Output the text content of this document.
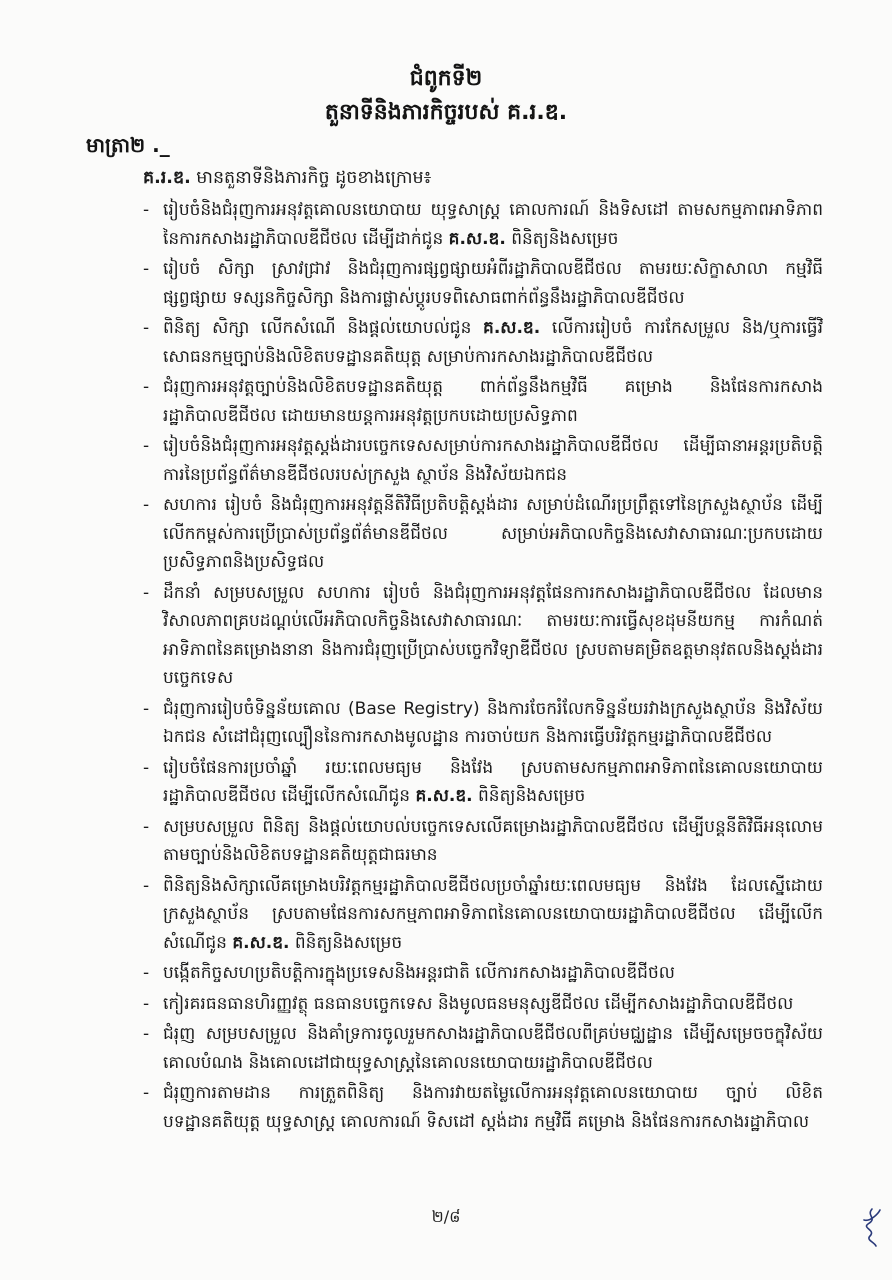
ជំពូកទី២
តួនាទីនិងភារកិច្ចរបស់ គ.រ.ឌ.
មាត្រា២ ._
គ.រ.ឌ. មានតួនាទីនិងភារកិច្ច ដូចខាងក្រោម៖
- រៀបចំនិងជំរុញការអនុវត្តគោលនយោបាយ យុទ្ធសាស្ត្រ គោលការណ៍ និងទិសដៅ តាមសកម្មភាពអាទិភាព នៃការកសាងរដ្ឋាភិបាលឌីជីថល ដើម្បីដាក់ជូន គ.ស.ឌ. ពិនិត្យនិងសម្រេច
- រៀបចំ សិក្សា ស្រាវជ្រាវ និងជំរុញការផ្សព្វផ្សាយអំពីរដ្ឋាភិបាលឌីជីថល តាមរយៈសិក្ខាសាលា កម្មវិធីផ្សព្វផ្សាយ ទស្សនកិច្ចសិក្សា និងការផ្លាស់ប្តូរបទពិសោធពាក់ព័ន្ធនឹងរដ្ឋាភិបាលឌីជីថល
- ពិនិត្យ សិក្សា លើកសំណើ និងផ្តល់យោបល់ជូន គ.ស.ឌ. លើការរៀបចំ ការកែសម្រួល និង/ឬការធ្វើវិសោធនកម្មច្បាប់និងលិខិតបទដ្ឋានគតិយុត្ត សម្រាប់ការកសាងរដ្ឋាភិបាលឌីជីថល
- ជំរុញការអនុវត្តច្បាប់និងលិខិតបទដ្ឋានគតិយុត្ត ពាក់ព័ន្ធនឹងកម្មវិធី គម្រោង និងផែនការកសាងរដ្ឋាភិបាលឌីជីថល ដោយមានយន្តការអនុវត្តប្រកបដោយប្រសិទ្ធភាព
- រៀបចំនិងជំរុញការអនុវត្តស្តង់ដារបច្ចេកទេសសម្រាប់ការកសាងរដ្ឋាភិបាលឌីជីថល ដើម្បីធានាអន្តរប្រតិបត្តិការនៃប្រព័ន្ធព័ត៌មានឌីជីថលរបស់ក្រសួង ស្ថាប័ន និងវិស័យឯកជន
- សហការ រៀបចំ និងជំរុញការអនុវត្តនីតិវិធីប្រតិបត្តិស្តង់ដារ សម្រាប់ដំណើរប្រព្រឹត្តទៅនៃក្រសួងស្ថាប័ន ដើម្បីលើកកម្ពស់ការប្រើប្រាស់ប្រព័ន្ធព័ត៌មានឌីជីថល សម្រាប់អភិបាលកិច្ចនិងសេវាសាធារណៈប្រកបដោយប្រសិទ្ធភាពនិងប្រសិទ្ធផល
- ដឹកនាំ សម្របសម្រួល សហការ រៀបចំ និងជំរុញការអនុវត្តផែនការកសាងរដ្ឋាភិបាលឌីជីថល ដែលមានវិសាលភាពគ្របដណ្តប់លើអភិបាលកិច្ចនិងសេវាសាធារណៈ តាមរយៈការធ្វើសុខដុមនីយកម្ម ការកំណត់អាទិភាពនៃគម្រោងនានា និងការជំរុញប្រើប្រាស់បច្ចេកវិទ្យាឌីជីថល ស្របតាមគម្រិតឧត្តមានុវតលនិងស្តង់ដារបច្ចេកទេស
- ជំរុញការរៀបចំទិន្នន័យគោល (Base Registry) និងការចែករំលែកទិន្នន័យរវាងក្រសួងស្ថាប័ន និងវិស័យឯកជន សំដៅជំរុញល្បឿននៃការកសាងមូលដ្ឋាន ការចាប់យក និងការធ្វើបរិវត្តកម្មរដ្ឋាភិបាលឌីជីថល
- រៀបចំផែនការប្រចាំឆ្នាំ រយៈពេលមធ្យម និងវែង ស្របតាមសកម្មភាពអាទិភាពនៃគោលនយោបាយរដ្ឋាភិបាលឌីជីថល ដើម្បីលើកសំណើជូន គ.ស.ឌ. ពិនិត្យនិងសម្រេច
- សម្របសម្រួល ពិនិត្យ និងផ្តល់យោបល់បច្ចេកទេសលើគម្រោងរដ្ឋាភិបាលឌីជីថល ដើម្បីបន្តនីតិវិធីអនុលោមតាមច្បាប់និងលិខិតបទដ្ឋានគតិយុត្តជាធរមាន
- ពិនិត្យនិងសិក្សាលើគម្រោងបរិវត្តកម្មរដ្ឋាភិបាលឌីជីថលប្រចាំឆ្នាំរយៈពេលមធ្យម និងវែង ដែលស្នើដោយក្រសួងស្ថាប័ន ស្របតាមផែនការសកម្មភាពអាទិភាពនៃគោលនយោបាយរដ្ឋាភិបាលឌីជីថល ដើម្បីលើកសំណើជូន គ.ស.ឌ. ពិនិត្យនិងសម្រេច
- បង្កើតកិច្ចសហប្រតិបត្តិការក្នុងប្រទេសនិងអន្តរជាតិ លើការកសាងរដ្ឋាភិបាលឌីជីថល
- កៀរគរធនធានហិរញ្ញវត្ថុ ធនធានបច្ចេកទេស និងមូលធនមនុស្សឌីជីថល ដើម្បីកសាងរដ្ឋាភិបាលឌីជីថល
- ជំរុញ សម្របសម្រួល និងគាំទ្រការចូលរួមកសាងរដ្ឋាភិបាលឌីជីថលពីគ្រប់មជ្ឈដ្ឋាន ដើម្បីសម្រេចចក្ខុវិស័យ គោលបំណង និងគោលដៅជាយុទ្ធសាស្ត្រនៃគោលនយោបាយរដ្ឋាភិបាលឌីជីថល
- ជំរុញការតាមដាន ការត្រួតពិនិត្យ និងការវាយតម្លៃលើការអនុវត្តគោលនយោបាយ ច្បាប់ លិខិតបទដ្ឋានគតិយុត្ត យុទ្ធសាស្ត្រ គោលការណ៍ ទិសដៅ ស្តង់ដារ កម្មវិធី គម្រោង និងផែនការកសាងរដ្ឋាភិបាល
២/៨
